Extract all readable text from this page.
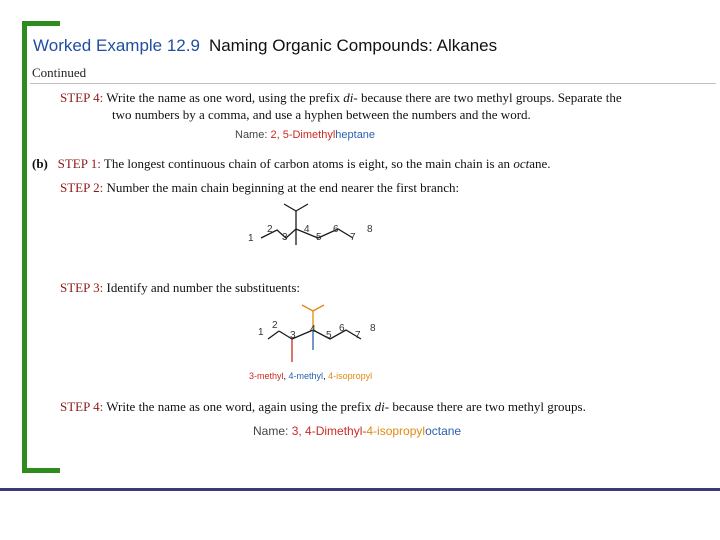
Worked Example 12.9 Naming Organic Compounds: Alkanes
Continued
STEP 4: Write the name as one word, using the prefix di- because there are two methyl groups. Separate the
two numbers by a comma, and use a hyphen between the numbers and the word.
Name: 2, 5-Dimethylheptane
(b) STEP 1: The longest continuous chain of carbon atoms is eight, so the main chain is an octane.
STEP 2: Number the main chain beginning at the end nearer the first branch:
1
2
3
4
5
6
7
8
STEP 3: Identify and number the substituents:
1
2
3
4
5
6
7
8
3-methyl, 4-methyl, 4-isopropyl
STEP 4: Write the name as one word, again using the prefix di- because there are two methyl groups.
Name: 3, 4-Dimethyl-4-isopropyloctane
